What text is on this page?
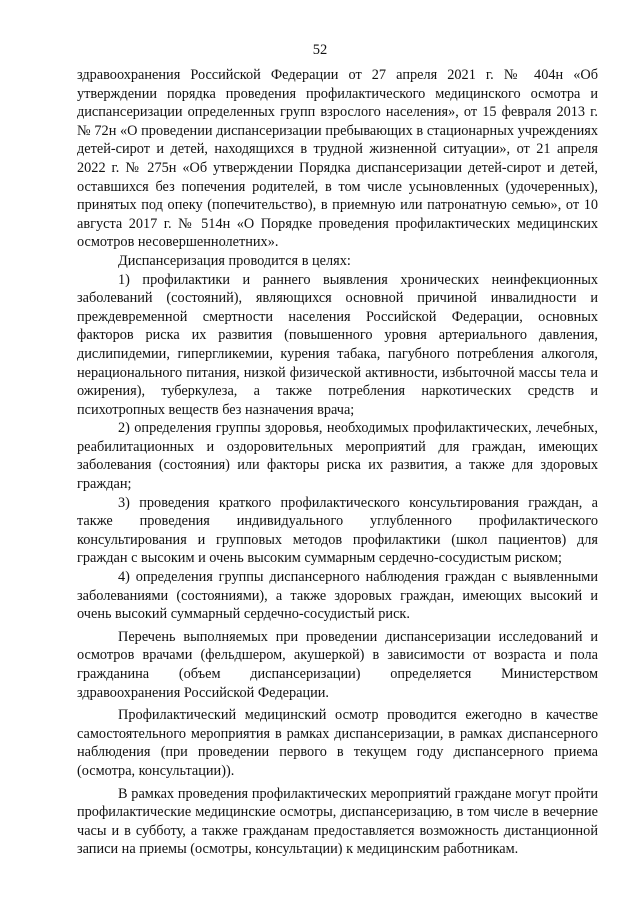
52

здравоохранения Российской Федерации от 27 апреля 2021 г. № 404н «Об утверждении порядка проведения профилактического медицинского осмотра и диспансеризации определенных групп взрослого населения», от 15 февраля 2013 г. № 72н «О проведении диспансеризации пребывающих в стационарных учреждениях детей-сирот и детей, находящихся в трудной жизненной ситуации», от 21 апреля 2022 г. № 275н «Об утверждении Порядка диспансеризации детей-сирот и детей, оставшихся без попечения родителей, в том числе усыновленных (удочеренных), принятых под опеку (попечительство), в приемную или патронатную семью», от 10 августа 2017 г. № 514н «О Порядке проведения профилактических медицинских осмотров несовершеннолетних».

Диспансеризация проводится в целях:

1) профилактики и раннего выявления хронических неинфекционных заболеваний (состояний), являющихся основной причиной инвалидности и преждевременной смертности населения Российской Федерации, основных факторов риска их развития (повышенного уровня артериального давления, дислипидемии, гипергликемии, курения табака, пагубного потребления алкоголя, нерационального питания, низкой физической активности, избыточной массы тела и ожирения), туберкулеза, а также потребления наркотических средств и психотропных веществ без назначения врача;

2) определения группы здоровья, необходимых профилактических, лечебных, реабилитационных и оздоровительных мероприятий для граждан, имеющих заболевания (состояния) или факторы риска их развития, а также для здоровых граждан;

3) проведения краткого профилактического консультирования граждан, а также проведения индивидуального углубленного профилактического консультирования и групповых методов профилактики (школ пациентов) для граждан с высоким и очень высоким суммарным сердечно-сосудистым риском;

4) определения группы диспансерного наблюдения граждан с выявленными заболеваниями (состояниями), а также здоровых граждан, имеющих высокий и очень высокий суммарный сердечно-сосудистый риск.

Перечень выполняемых при проведении диспансеризации исследований и осмотров врачами (фельдшером, акушеркой) в зависимости от возраста и пола гражданина (объем диспансеризации) определяется Министерством здравоохранения Российской Федерации.

Профилактический медицинский осмотр проводится ежегодно в качестве самостоятельного мероприятия в рамках диспансеризации, в рамках диспансерного наблюдения (при проведении первого в текущем году диспансерного приема (осмотра, консультации)).

В рамках проведения профилактических мероприятий граждане могут пройти профилактические медицинские осмотры, диспансеризацию, в том числе в вечерние часы и в субботу, а также гражданам предоставляется возможность дистанционной записи на приемы (осмотры, консультации) к медицинским работникам.
